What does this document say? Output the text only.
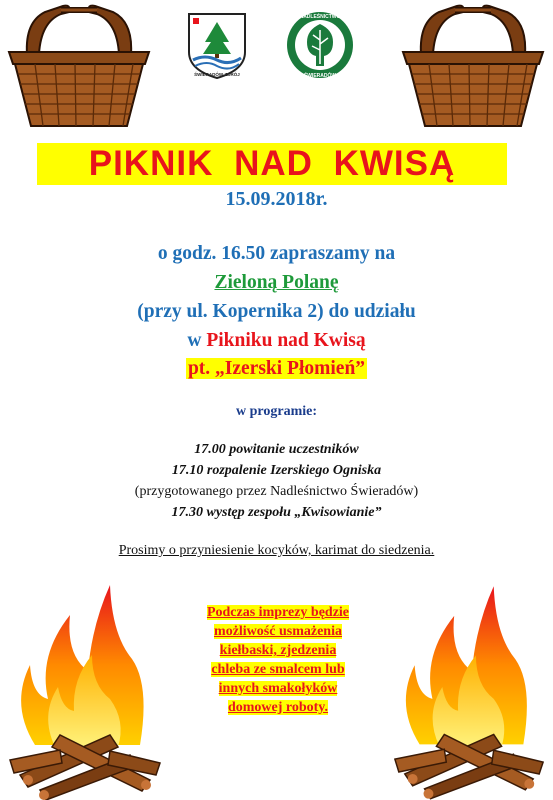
ŚWIERADÓW-ZDRÓJ
NADLEŚNICTWO
ŚWIERADÓW
PIKNIK NAD KWISĄ
15.09.2018r.
o godz. 16.50 zapraszamy na
Zieloną Polanę
(przy ul. Kopernika 2) do udziału
w Pikniku nad Kwisą
pt. „Izerski Płomień”
w programie:
17.00 powitanie uczestników
17.10 rozpalenie Izerskiego Ogniska
(przygotowanego przez Nadleśnictwo Świeradów)
17.30 występ zespołu „Kwisowianie”
Prosimy o przyniesienie kocyków, karimat do siedzenia.
Podczas imprezy będzie
możliwość usmażenia
kiełbaski, zjedzenia
chleba ze smalcem lub
innych smakołyków
domowej roboty.
